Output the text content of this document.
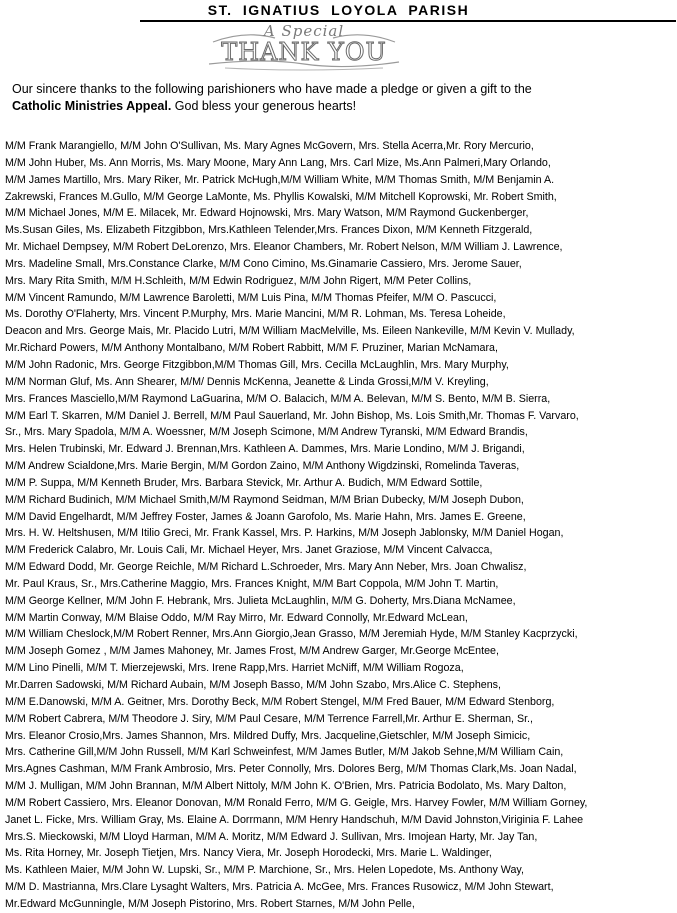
ST. IGNATIUS LOYOLA PARISH
A Special
THANK YOU
Our sincere thanks to the following parishioners who have made a pledge or given a gift to the
Catholic Ministries Appeal. God bless your generous hearts!
M/M Frank Marangiello, M/M John O'Sullivan, Ms. Mary Agnes McGovern, Mrs. Stella Acerra,Mr. Rory Mercurio,
M/M John Huber, Ms. Ann Morris, Ms. Mary Moone, Mary Ann Lang, Mrs. Carl Mize, Ms.Ann Palmeri,Mary Orlando,
M/M James Martillo, Mrs. Mary Riker, Mr. Patrick McHugh,M/M William White, M/M Thomas Smith, M/M Benjamin A.
Zakrewski, Frances M.Gullo, M/M George LaMonte, Ms. Phyllis Kowalski, M/M Mitchell Koprowski, Mr. Robert Smith,
M/M Michael Jones, M/M E. Milacek, Mr. Edward Hojnowski, Mrs. Mary Watson, M/M Raymond Guckenberger,
Ms.Susan Giles, Ms. Elizabeth Fitzgibbon, Mrs.Kathleen Telender,Mrs. Frances Dixon, M/M Kenneth Fitzgerald,
Mr. Michael Dempsey, M/M Robert DeLorenzo, Mrs. Eleanor Chambers, Mr. Robert Nelson, M/M William J. Lawrence,
Mrs. Madeline Small, Mrs.Constance Clarke, M/M Cono Cimino, Ms.Ginamarie Cassiero, Mrs. Jerome Sauer,
Mrs. Mary Rita Smith, M/M H.Schleith, M/M Edwin Rodriguez, M/M John Rigert, M/M Peter Collins,
M/M Vincent Ramundo, M/M Lawrence Baroletti, M/M Luis Pina, M/M Thomas Pfeifer, M/M O. Pascucci,
Ms. Dorothy O'Flaherty, Mrs. Vincent P.Murphy, Mrs. Marie Mancini, M/M R. Lohman, Ms. Teresa Loheide,
Deacon and Mrs. George Mais, Mr. Placido Lutri, M/M William MacMelville, Ms. Eileen Nankeville, M/M Kevin V. Mullady,
Mr.Richard Powers, M/M Anthony Montalbano, M/M Robert Rabbitt, M/M F. Pruziner, Marian McNamara,
M/M John Radonic, Mrs. George Fitzgibbon,M/M Thomas Gill, Mrs. Cecilla McLaughlin, Mrs. Mary Murphy,
M/M Norman Gluf, Ms. Ann Shearer, M/M/ Dennis McKenna, Jeanette & Linda Grossi,M/M V. Kreyling,
Mrs. Frances Masciello,M/M Raymond LaGuarina, M/M O. Balacich, M/M A. Belevan, M/M S. Bento, M/M B. Sierra,
M/M Earl T. Skarren, M/M Daniel J. Berrell, M/M Paul Sauerland, Mr. John Bishop, Ms. Lois Smith,Mr. Thomas F. Varvaro,
Sr., Mrs. Mary Spadola, M/M A. Woessner, M/M Joseph Scimone, M/M Andrew Tyranski, M/M Edward Brandis,
Mrs. Helen Trubinski, Mr. Edward J. Brennan,Mrs. Kathleen A. Dammes, Mrs. Marie Londino, M/M J. Brigandi,
M/M Andrew Scialdone,Mrs. Marie Bergin, M/M Gordon Zaino, M/M Anthony Wigdzinski, Romelinda Taveras,
M/M P. Suppa, M/M Kenneth Bruder, Mrs. Barbara Stevick, Mr. Arthur A. Budich, M/M Edward Sottile,
M/M Richard Budinich, M/M Michael Smith,M/M Raymond Seidman, M/M Brian Dubecky, M/M Joseph Dubon,
M/M David Engelhardt, M/M Jeffrey Foster, James & Joann Garofolo, Ms. Marie Hahn, Mrs. James E. Greene,
Mrs. H. W. Heltshusen, M/M Itilio Greci, Mr. Frank Kassel, Mrs. P. Harkins, M/M Joseph Jablonsky, M/M Daniel Hogan,
M/M Frederick Calabro, Mr. Louis Cali, Mr. Michael Heyer, Mrs. Janet Graziose, M/M Vincent Calvacca,
M/M Edward Dodd, Mr. George Reichle, M/M Richard L.Schroeder, Mrs. Mary Ann Neber, Mrs. Joan Chwalisz,
Mr. Paul Kraus, Sr., Mrs.Catherine Maggio, Mrs. Frances Knight, M/M Bart Coppola, M/M John T. Martin,
M/M George Kellner, M/M John F. Hebrank, Mrs. Julieta McLaughlin, M/M G. Doherty, Mrs.Diana McNamee,
M/M Martin Conway, M/M Blaise Oddo, M/M Ray Mirro, Mr. Edward Connolly, Mr.Edward McLean,
M/M William Cheslock,M/M Robert Renner, Mrs.Ann Giorgio,Jean Grasso, M/M Jeremiah Hyde, M/M Stanley Kacprzycki,
M/M Joseph Gomez , M/M James Mahoney, Mr. James Frost, M/M Andrew Garger, Mr.George McEntee,
M/M Lino Pinelli, M/M T. Mierzejewski, Mrs. Irene Rapp,Mrs. Harriet McNiff, M/M William Rogoza,
Mr.Darren Sadowski, M/M Richard Aubain, M/M Joseph Basso, M/M John Szabo, Mrs.Alice C. Stephens,
M/M E.Danowski, M/M A. Geitner, Mrs. Dorothy Beck, M/M Robert Stengel, M/M Fred Bauer, M/M Edward Stenborg,
M/M Robert Cabrera, M/M Theodore J. Siry, M/M Paul Cesare, M/M Terrence Farrell,Mr. Arthur E. Sherman, Sr.,
Mrs. Eleanor Crosio,Mrs. James Shannon, Mrs. Mildred Duffy, Mrs. Jacqueline,Gietschler, M/M Joseph Simicic,
Mrs. Catherine Gill,M/M John Russell, M/M Karl Schweinfest, M/M James Butler, M/M Jakob Sehne,M/M William Cain,
Mrs.Agnes Cashman, M/M Frank Ambrosio, Mrs. Peter Connolly, Mrs. Dolores Berg, M/M Thomas Clark,Ms. Joan Nadal,
M/M J. Mulligan, M/M John Brannan, M/M Albert Nittoly, M/M John K. O'Brien, Mrs. Patricia Bodolato, Ms. Mary Dalton,
M/M Robert Cassiero, Mrs. Eleanor Donovan, M/M Ronald Ferro, M/M G. Geigle, Mrs. Harvey Fowler, M/M William Gorney,
Janet L. Ficke, Mrs. William Gray, Ms. Elaine A. Dorrmann, M/M Henry Handschuh, M/M David Johnston,Viriginia F. Lahee
Mrs.S. Mieckowski, M/M Lloyd Harman, M/M A. Moritz, M/M Edward J. Sullivan, Mrs. Imojean Harty, Mr. Jay Tan,
Ms. Rita Horney, Mr. Joseph Tietjen, Mrs. Nancy Viera, Mr. Joseph Horodecki, Mrs. Marie L. Waldinger,
Ms. Kathleen Maier, M/M John W. Lupski, Sr., M/M P. Marchione, Sr., Mrs. Helen Lopedote, Ms. Anthony Way,
M/M D. Mastrianna, Mrs.Clare Lysaght Walters, Mrs. Patricia A. McGee, Mrs. Frances Rusowicz, M/M John Stewart,
Mr.Edward McGunningle, M/M Joseph Pistorino, Mrs. Robert Starnes, M/M John Pelle,
